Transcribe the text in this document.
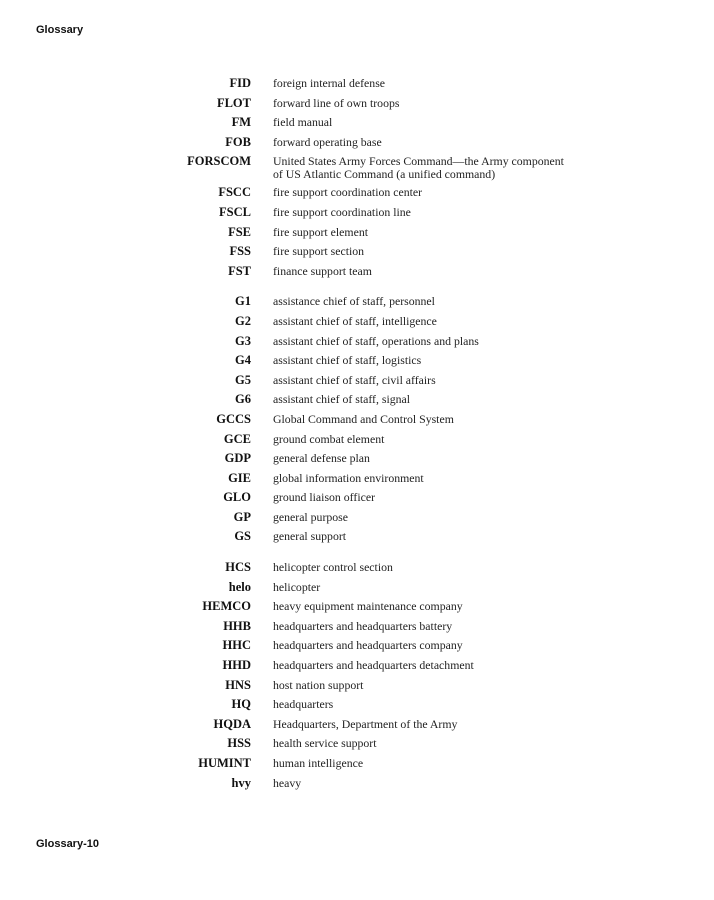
Glossary
FID foreign internal defense
FLOT forward line of own troops
FM field manual
FOB forward operating base
FORSCOM United States Army Forces Command—the Army component of US Atlantic Command (a unified command)
FSCC fire support coordination center
FSCL fire support coordination line
FSE fire support element
FSS fire support section
FST finance support team
G1 assistance chief of staff, personnel
G2 assistant chief of staff, intelligence
G3 assistant chief of staff, operations and plans
G4 assistant chief of staff, logistics
G5 assistant chief of staff, civil affairs
G6 assistant chief of staff, signal
GCCS Global Command and Control System
GCE ground combat element
GDP general defense plan
GIE global information environment
GLO ground liaison officer
GP general purpose
GS general support
HCS helicopter control section
helo helicopter
HEMCO heavy equipment maintenance company
HHB headquarters and headquarters battery
HHC headquarters and headquarters company
HHD headquarters and headquarters detachment
HNS host nation support
HQ headquarters
HQDA Headquarters, Department of the Army
HSS health service support
HUMINT human intelligence
hvy heavy
Glossary-10
